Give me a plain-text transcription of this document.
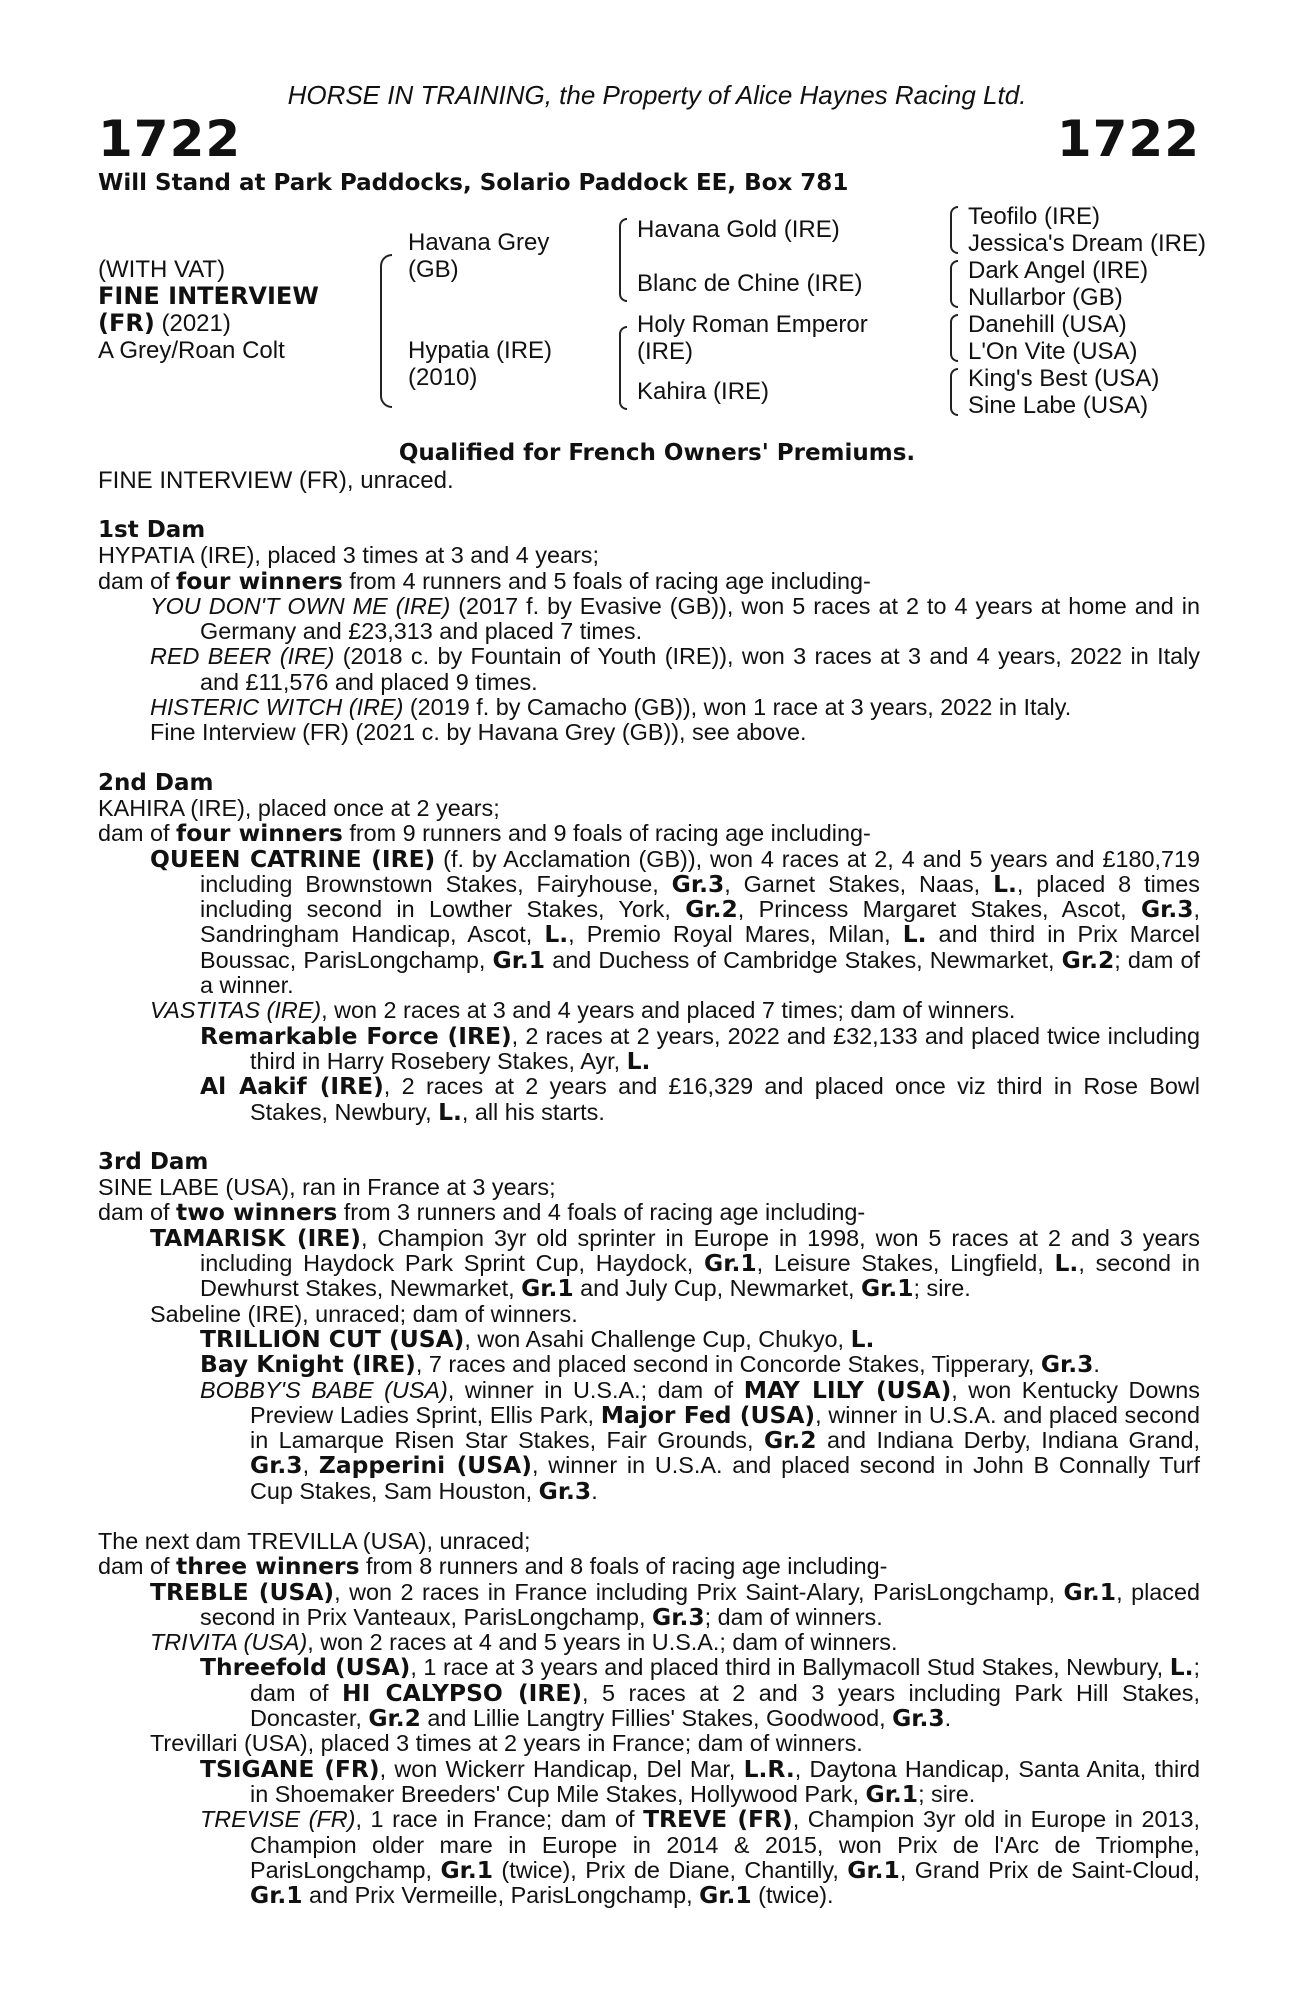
HORSE IN TRAINING, the Property of Alice Haynes Racing Ltd.
1722	1722
Will Stand at Park Paddocks, Solario Paddock EE, Box 781
(WITH VAT)
FINE INTERVIEW
(FR) (2021)
A Grey/Roan Colt
Havana Grey
(GB)
Hypatia (IRE)
(2010)
Havana Gold (IRE)
Blanc de Chine (IRE)
Holy Roman Emperor
(IRE)
Kahira (IRE)
Teofilo (IRE)
Jessica's Dream (IRE)
Dark Angel (IRE)
Nullarbor (GB)
Danehill (USA)
L'On Vite (USA)
King's Best (USA)
Sine Labe (USA)
Qualified for French Owners' Premiums.
FINE INTERVIEW (FR), unraced.
1st Dam
HYPATIA (IRE), placed 3 times at 3 and 4 years;
dam of four winners from 4 runners and 5 foals of racing age including-
YOU DON'T OWN ME (IRE) (2017 f. by Evasive (GB)), won 5 races at 2 to 4 years at home and in Germany and £23,313 and placed 7 times.
RED BEER (IRE) (2018 c. by Fountain of Youth (IRE)), won 3 races at 3 and 4 years, 2022 in Italy and £11,576 and placed 9 times.
HISTERIC WITCH (IRE) (2019 f. by Camacho (GB)), won 1 race at 3 years, 2022 in Italy.
Fine Interview (FR) (2021 c. by Havana Grey (GB)), see above.
2nd Dam
KAHIRA (IRE), placed once at 2 years;
dam of four winners from 9 runners and 9 foals of racing age including-
QUEEN CATRINE (IRE) (f. by Acclamation (GB)), won 4 races at 2, 4 and 5 years and £180,719 including Brownstown Stakes, Fairyhouse, Gr.3, Garnet Stakes, Naas, L., placed 8 times including second in Lowther Stakes, York, Gr.2, Princess Margaret Stakes, Ascot, Gr.3, Sandringham Handicap, Ascot, L., Premio Royal Mares, Milan, L. and third in Prix Marcel Boussac, ParisLongchamp, Gr.1 and Duchess of Cambridge Stakes, Newmarket, Gr.2; dam of a winner.
VASTITAS (IRE), won 2 races at 3 and 4 years and placed 7 times; dam of winners.
Remarkable Force (IRE), 2 races at 2 years, 2022 and £32,133 and placed twice including third in Harry Rosebery Stakes, Ayr, L.
Al Aakif (IRE), 2 races at 2 years and £16,329 and placed once viz third in Rose Bowl Stakes, Newbury, L., all his starts.
3rd Dam
SINE LABE (USA), ran in France at 3 years;
dam of two winners from 3 runners and 4 foals of racing age including-
TAMARISK (IRE), Champion 3yr old sprinter in Europe in 1998, won 5 races at 2 and 3 years including Haydock Park Sprint Cup, Haydock, Gr.1, Leisure Stakes, Lingfield, L., second in Dewhurst Stakes, Newmarket, Gr.1 and July Cup, Newmarket, Gr.1; sire.
Sabeline (IRE), unraced; dam of winners.
TRILLION CUT (USA), won Asahi Challenge Cup, Chukyo, L.
Bay Knight (IRE), 7 races and placed second in Concorde Stakes, Tipperary, Gr.3.
BOBBY'S BABE (USA), winner in U.S.A.; dam of MAY LILY (USA), won Kentucky Downs Preview Ladies Sprint, Ellis Park, Major Fed (USA), winner in U.S.A. and placed second in Lamarque Risen Star Stakes, Fair Grounds, Gr.2 and Indiana Derby, Indiana Grand, Gr.3, Zapperini (USA), winner in U.S.A. and placed second in John B Connally Turf Cup Stakes, Sam Houston, Gr.3.
The next dam TREVILLA (USA), unraced;
dam of three winners from 8 runners and 8 foals of racing age including-
TREBLE (USA), won 2 races in France including Prix Saint-Alary, ParisLongchamp, Gr.1, placed second in Prix Vanteaux, ParisLongchamp, Gr.3; dam of winners.
TRIVITA (USA), won 2 races at 4 and 5 years in U.S.A.; dam of winners.
Threefold (USA), 1 race at 3 years and placed third in Ballymacoll Stud Stakes, Newbury, L.; dam of HI CALYPSO (IRE), 5 races at 2 and 3 years including Park Hill Stakes, Doncaster, Gr.2 and Lillie Langtry Fillies' Stakes, Goodwood, Gr.3.
Trevillari (USA), placed 3 times at 2 years in France; dam of winners.
TSIGANE (FR), won Wickerr Handicap, Del Mar, L.R., Daytona Handicap, Santa Anita, third in Shoemaker Breeders' Cup Mile Stakes, Hollywood Park, Gr.1; sire.
TREVISE (FR), 1 race in France; dam of TREVE (FR), Champion 3yr old in Europe in 2013, Champion older mare in Europe in 2014 & 2015, won Prix de l'Arc de Triomphe, ParisLongchamp, Gr.1 (twice), Prix de Diane, Chantilly, Gr.1, Grand Prix de Saint-Cloud, Gr.1 and Prix Vermeille, ParisLongchamp, Gr.1 (twice).
